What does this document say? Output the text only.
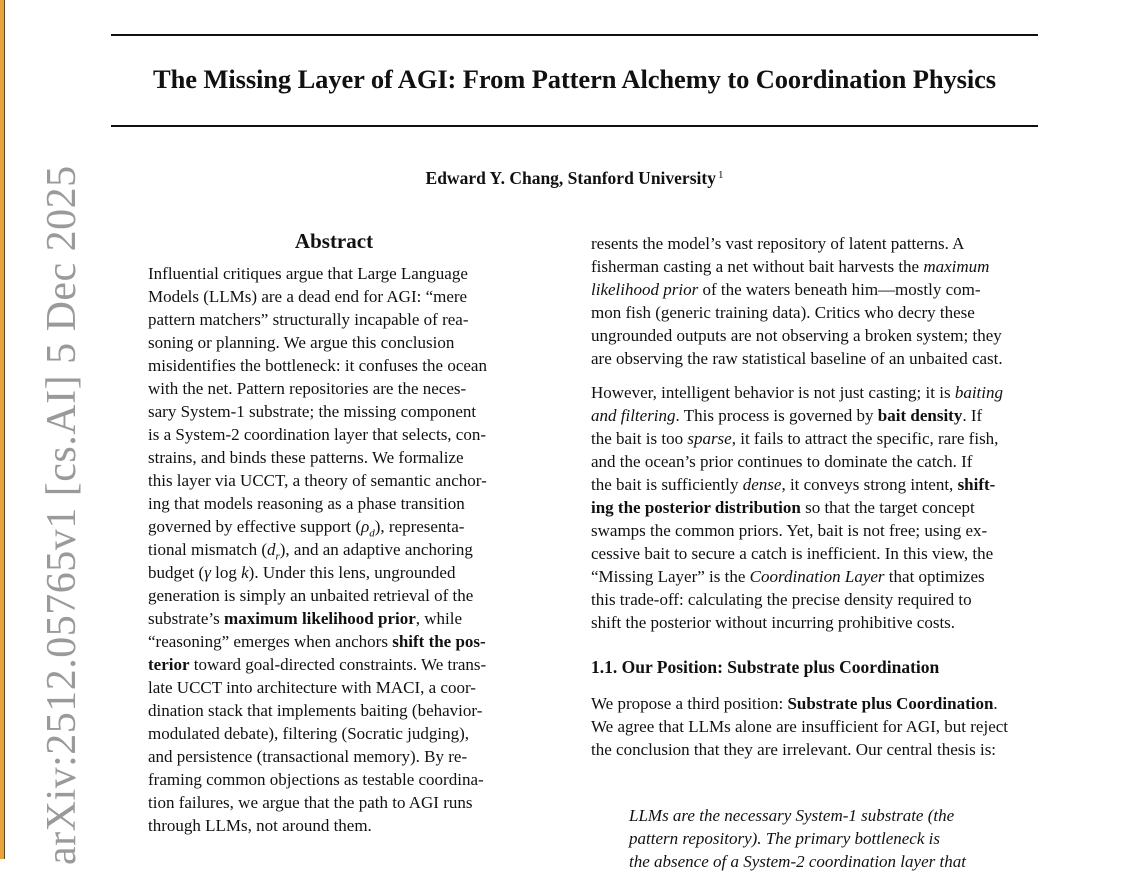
The Missing Layer of AGI: From Pattern Alchemy to Coordination Physics
Edward Y. Chang, Stanford University $^1$
arXiv:2512.05765v1 [cs.AI] 5 Dec 2025	Abstract
Influential critiques argue that Large Language
Models (LLMs) are a dead end for AGI: “mere
pattern matchers” structurally incapable of rea-
soning or planning. We argue this conclusion
misidentifies the bottleneck: it confuses the ocean
with the net. Pattern repositories are the neces-
sary System-1 substrate; the missing component
is a System-2 coordination layer that selects, con-
strains, and binds these patterns. We formalize
this layer via UCCT, a theory of semantic anchor-
ing that models reasoning as a phase transition
governed by effective support $(\rho_d)$, representa-
tional mismatch $(d_r)$, and an adaptive anchoring
budget (γ log k). Under this lens, ungrounded
generation is simply an unbaited retrieval of the
substrate’s maximum likelihood prior, while
“reasoning” emerges when anchors shift the pos-
terior toward goal-directed constraints. We trans-
late UCCT into architecture with MACI, a coor-
dination stack that implements baiting (behavior-
modulated debate), filtering (Socratic judging),
and persistence (transactional memory). By re-
framing common objections as testable coordina-
tion failures, we argue that the path to AGI runs
through LLMs, not around them.
resents the model’s vast repository of latent patterns. A
fisherman casting a net without bait harvests the maximum
likelihood prior of the waters beneath him—mostly com-
mon fish (generic training data). Critics who decry these
ungrounded outputs are not observing a broken system; they
are observing the raw statistical baseline of an unbaited cast.
However, intelligent behavior is not just casting; it is baiting
and filtering. This process is governed by bait density. If
the bait is too sparse, it fails to attract the specific, rare fish,
and the ocean’s prior continues to dominate the catch. If
the bait is sufficiently dense, it conveys strong intent, shift-
ing the posterior distribution so that the target concept
swamps the common priors. Yet, bait is not free; using ex-
cessive bait to secure a catch is inefficient. In this view, the
“Missing Layer” is the Coordination Layer that optimizes
this trade-off: calculating the precise density required to
shift the posterior without incurring prohibitive costs.
1.1. Our Position: Substrate plus Coordination
We propose a third position: Substrate plus Coordination.
We agree that LLMs alone are insufficient for AGI, but reject
the conclusion that they are irrelevant. Our central thesis is:
LLMs are the necessary System-1 substrate (the
pattern repository). The primary bottleneck is
the absence of a System-2 coordination layer that
